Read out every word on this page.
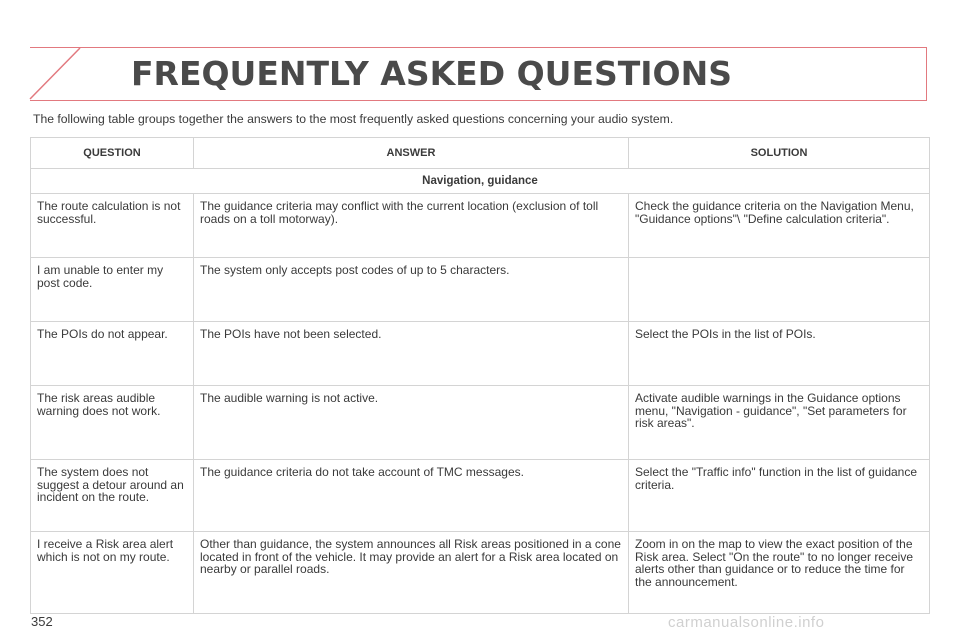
FREQUENTLY ASKED QUESTIONS

The following table groups together the answers to the most frequently asked questions concerning your audio system.

QUESTION	ANSWER	SOLUTION
Navigation, guidance		
The route calculation is not successful.	The guidance criteria may conflict with the current location (exclusion of toll roads on a toll motorway).	Check the guidance criteria on the Navigation Menu, "Guidance options"\ "Define calculation criteria".
I am unable to enter my post code.	The system only accepts post codes of up to 5 characters.	
The POIs do not appear.	The POIs have not been selected.	Select the POIs in the list of POIs.
The risk areas audible warning does not work.	The audible warning is not active.	Activate audible warnings in the Guidance options menu, "Navigation - guidance", "Set parameters for risk areas".
The system does not suggest a detour around an incident on the route.	The guidance criteria do not take account of TMC messages.	Select the "Traffic info" function in the list of guidance criteria.
I receive a Risk area alert which is not on my route.	Other than guidance, the system announces all Risk areas positioned in a cone located in front of the vehicle. It may provide an alert for a Risk area located on nearby or parallel roads.	Zoom in on the map to view the exact position of the Risk area. Select "On the route" to no longer receive alerts other than guidance or to reduce the time for the announcement.

352	carmanualsonline.info
